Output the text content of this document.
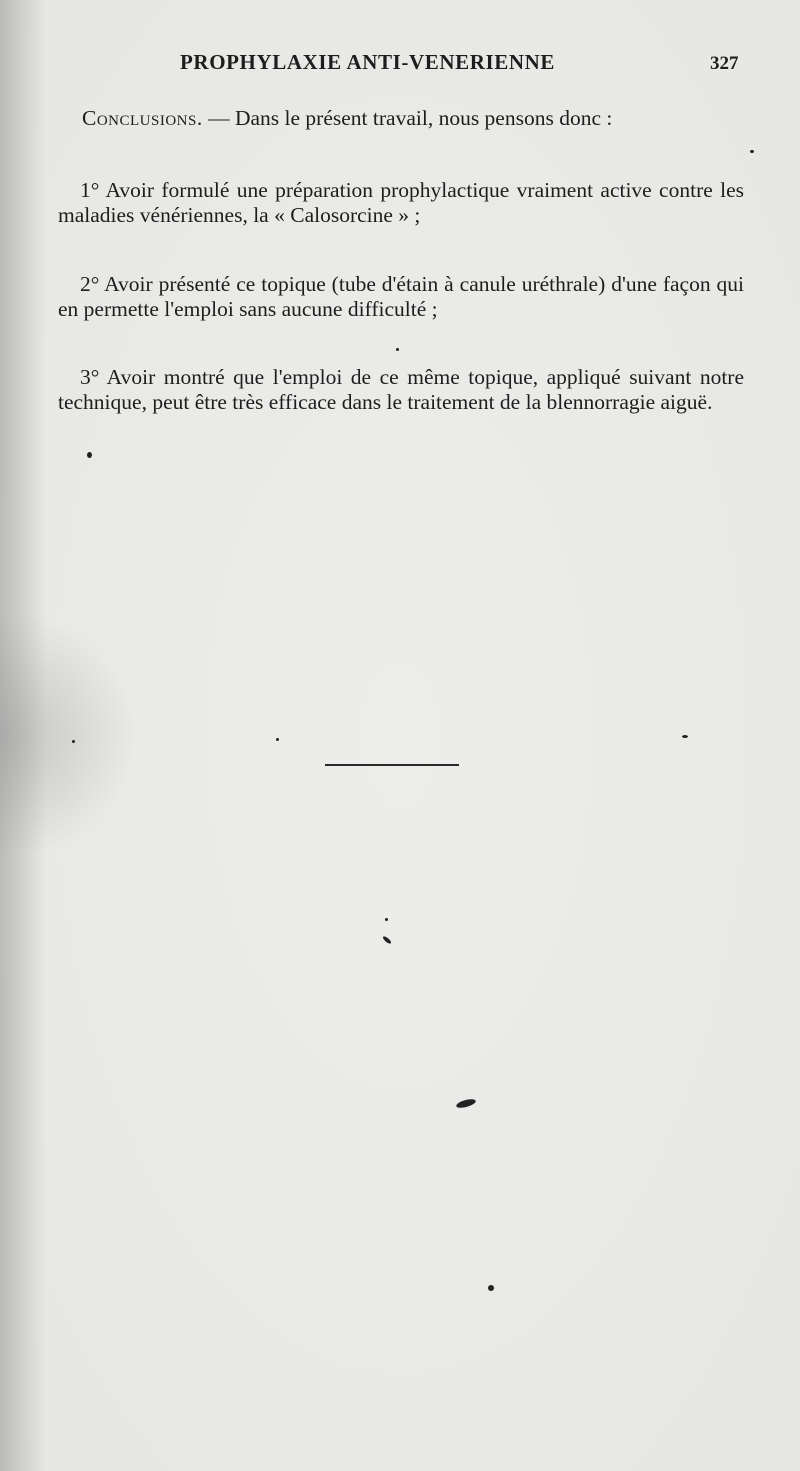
PROPHYLAXIE ANTI-VENERIENNE	327

Conclusions. — Dans le présent travail, nous pensons donc :

1° Avoir formulé une préparation prophylactique vraiment active contre les maladies vénériennes, la « Calosorcine » ;

2° Avoir présenté ce topique (tube d'étain à canule uréthrale) d'une façon qui en permette l'emploi sans aucune difficulté ;

3° Avoir montré que l'emploi de ce même topique, appliqué suivant notre technique, peut être très efficace dans le traitement de la blennorragie aiguë.
